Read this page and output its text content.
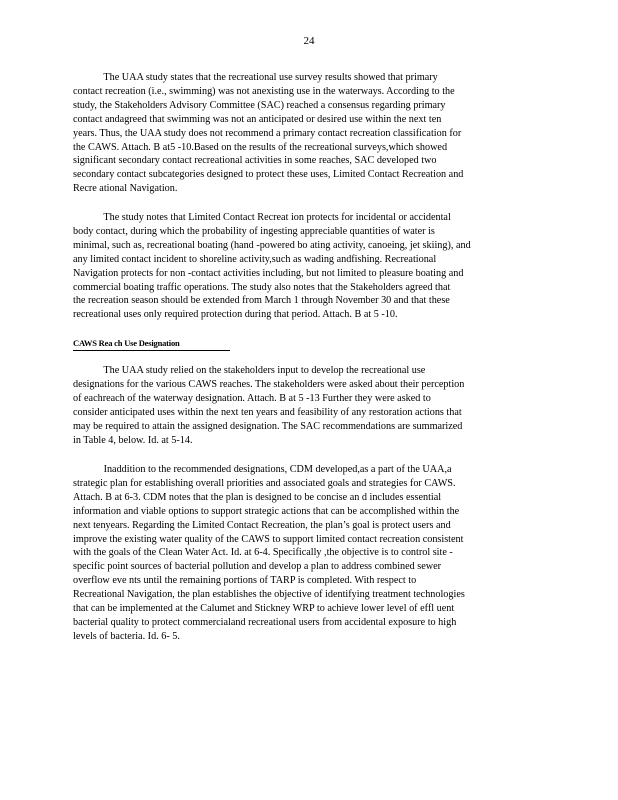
24
The UAA study states that the recreational use survey results showed that primary
contact recreation (i.e., swimming) was not anexisting use in the waterways. According to the
study, the Stakeholders Advisory Committee (SAC) reached a consensus regarding primary
contact andagreed that swimming was not an anticipated or desired use within the next ten
years. Thus, the UAA study does not recommend a primary contact recreation classification for
the CAWS. Attach. B at5 -10.Based on the results of the recreational surveys,which showed
significant secondary contact recreational activities in some reaches, SAC developed two
secondary contact subcategories designed to protect these uses, Limited Contact Recreation and
Recre ational Navigation.
The study notes that Limited Contact Recreat ion protects for incidental or accidental
body contact, during which the probability of ingesting appreciable quantities of water is
minimal, such as, recreational boating (hand -powered bo ating activity, canoeing, jet skiing), and
any limited contact incident to shoreline activity,such as wading andfishing. Recreational
Navigation protects for non -contact activities including, but not limited to pleasure boating and
commercial boating traffic operations. The study also notes that the Stakeholders agreed that
the recreation season should be extended from March 1 through November 30 and that these
recreational uses only required protection during that period. Attach. B at 5 -10.
CAWS Rea ch Use Designation
The UAA study relied on the stakeholders input to develop the recreational use
designations for the various CAWS reaches. The stakeholders were asked about their perception
of eachreach of the waterway designation. Attach. B at 5 -13 Further they were asked to
consider anticipated uses within the next ten years and feasibility of any restoration actions that
may be required to attain the assigned designation. The SAC recommendations are summarized
in Table 4, below. Id. at 5-14.
Inaddition to the recommended designations, CDM developed,as a part of the UAA,a
strategic plan for establishing overall priorities and associated goals and strategies for CAWS.
Attach. B at 6-3. CDM notes that the plan is designed to be concise an d includes essential
information and viable options to support strategic actions that can be accomplished within the
next tenyears. Regarding the Limited Contact Recreation, the plan’s goal is protect users and
improve the existing water quality of the CAWS to support limited contact recreation consistent
with the goals of the Clean Water Act. Id. at 6-4. Specifically ,the objective is to control site -
specific point sources of bacterial pollution and develop a plan to address combined sewer
overflow eve nts until the remaining portions of TARP is completed. With respect to
Recreational Navigation, the plan establishes the objective of identifying treatment technologies
that can be implemented at the Calumet and Stickney WRP to achieve lower level of effl uent
bacterial quality to protect commercialand recreational users from accidental exposure to high
levels of bacteria. Id. 6- 5.
